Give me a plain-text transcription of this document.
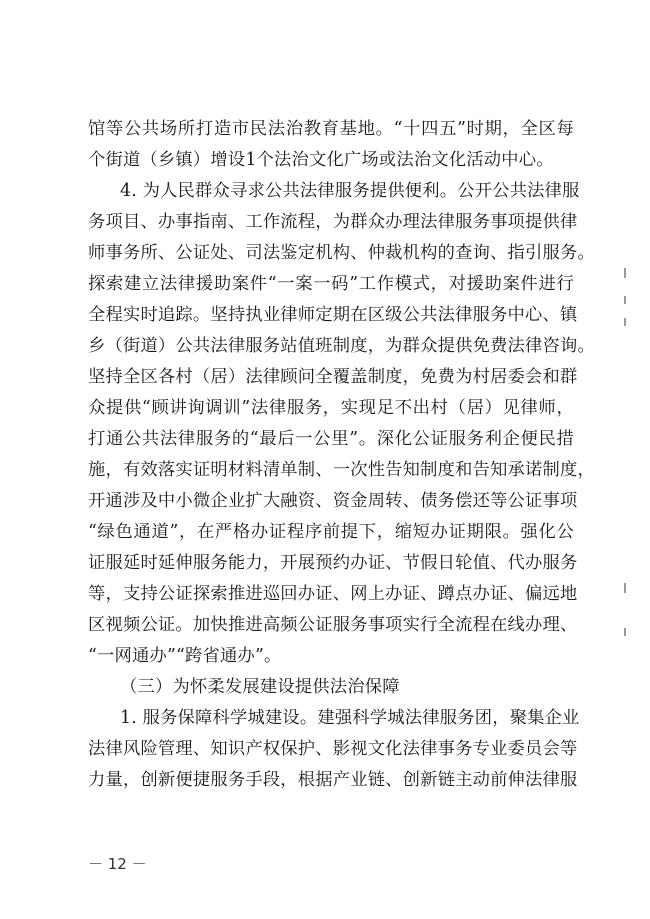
馆等公共场所打造市民法治教育基地。“十四五”时期，全区每
个街道（乡镇）增设1个法治文化广场或法治文化活动中心。
4. 为人民群众寻求公共法律服务提供便利。公开公共法律服
务项目、办事指南、工作流程，为群众办理法律服务事项提供律
师事务所、公证处、司法鉴定机构、仲裁机构的查询、指引服务。
探索建立法律援助案件“一案一码”工作模式，对援助案件进行
全程实时追踪。坚持执业律师定期在区级公共法律服务中心、镇
乡（街道）公共法律服务站值班制度，为群众提供免费法律咨询。
坚持全区各村（居）法律顾问全覆盖制度，免费为村居委会和群
众提供“顾讲询调训”法律服务，实现足不出村（居）见律师，
打通公共法律服务的“最后一公里”。深化公证服务利企便民措
施，有效落实证明材料清单制、一次性告知制度和告知承诺制度，
开通涉及中小微企业扩大融资、资金周转、债务偿还等公证事项
“绿色通道”，在严格办证程序前提下，缩短办证期限。强化公
证服延时延伸服务能力，开展预约办证、节假日轮值、代办服务
等，支持公证探索推进巡回办证、网上办证、蹲点办证、偏远地
区视频公证。加快推进高频公证服务事项实行全流程在线办理、
“一网通办”“跨省通办”。
（三）为怀柔发展建设提供法治保障
1. 服务保障科学城建设。建强科学城法律服务团，聚集企业
法律风险管理、知识产权保护、影视文化法律事务专业委员会等
力量，创新便捷服务手段，根据产业链、创新链主动前伸法律服
－ 12 －
